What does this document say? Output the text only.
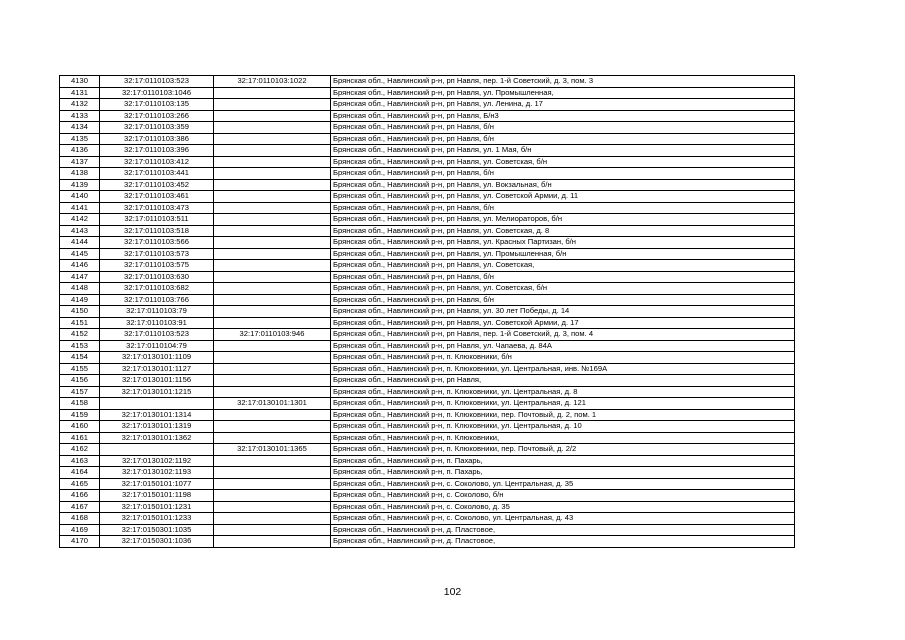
4130	32:17:0110103:523	32:17:0110103:1022	Брянская обл., Навлинский р-н, рп Навля, пер. 1-й Советский, д. 3, пом. 3
4131	32:17:0110103:1046		Брянская обл., Навлинский р-н, рп Навля, ул. Промышленная,
4132	32:17:0110103:135		Брянская обл., Навлинский р-н, рп Навля, ул. Ленина, д. 17
4133	32:17:0110103:266		Брянская обл., Навлинский р-н, рп Навля, Б/н3
4134	32:17:0110103:359		Брянская обл., Навлинский р-н, рп Навля, б/н
4135	32:17:0110103:386		Брянская обл., Навлинский р-н, рп Навля, б/н
4136	32:17:0110103:396		Брянская обл., Навлинский р-н, рп Навля, ул. 1 Мая, б/н
4137	32:17:0110103:412		Брянская обл., Навлинский р-н, рп Навля, ул. Советская, б/н
4138	32:17:0110103:441		Брянская обл., Навлинский р-н, рп Навля, б/н
4139	32:17:0110103:452		Брянская обл., Навлинский р-н, рп Навля, ул. Вокзальная, б/н
4140	32:17:0110103:461		Брянская обл., Навлинский р-н, рп Навля, ул. Советской Армии, д. 11
4141	32:17:0110103:473		Брянская обл., Навлинский р-н, рп Навля, б/н
4142	32:17:0110103:511		Брянская обл., Навлинский р-н, рп Навля, ул. Мелиораторов, б/н
4143	32:17:0110103:518		Брянская обл., Навлинский р-н, рп Навля, ул. Советская, д. 8
4144	32:17:0110103:566		Брянская обл., Навлинский р-н, рп Навля, ул. Красных Партизан, б/н
4145	32:17:0110103:573		Брянская обл., Навлинский р-н, рп Навля, ул. Промышленная, б/н
4146	32:17:0110103:575		Брянская обл., Навлинский р-н, рп Навля, ул. Советская,
4147	32:17:0110103:630		Брянская обл., Навлинский р-н, рп Навля, б/н
4148	32:17:0110103:682		Брянская обл., Навлинский р-н, рп Навля, ул. Советская, б/н
4149	32:17:0110103:766		Брянская обл., Навлинский р-н, рп Навля, б/н
4150	32:17:0110103:79		Брянская обл., Навлинский р-н, рп Навля, ул. 30 лет Победы, д. 14
4151	32:17:0110103:91		Брянская обл., Навлинский р-н, рп Навля, ул. Советской Армии, д. 17
4152	32:17:0110103:523	32:17:0110103:946	Брянская обл., Навлинский р-н, рп Навля, пер. 1-й Советский, д. 3, пом. 4
4153	32:17:0110104:79		Брянская обл., Навлинский р-н, рп Навля, ул. Чапаева, д. 84А
4154	32:17:0130101:1109		Брянская обл., Навлинский р-н, п. Клюковники, б/н
4155	32:17:0130101:1127		Брянская обл., Навлинский р-н, п. Клюковники, ул. Центральная, инв. №169А
4156	32:17:0130101:1156		Брянская обл., Навлинский р-н, рп Навля,
4157	32:17:0130101:1215		Брянская обл., Навлинский р-н, п. Клюковники, ул. Центральная, д. 8
4158		32:17:0130101:1301	Брянская обл., Навлинский р-н, п. Клюковники, ул. Центральная, д. 121
4159	32:17:0130101:1314		Брянская обл., Навлинский р-н, п. Клюковники, пер. Почтовый, д. 2, пом. 1
4160	32:17:0130101:1319		Брянская обл., Навлинский р-н, п. Клюковники, ул. Центральная, д. 10
4161	32:17:0130101:1362		Брянская обл., Навлинский р-н, п. Клюковники,
4162		32:17:0130101:1365	Брянская обл., Навлинский р-н, п. Клюковники, пер. Почтовый, д. 2/2
4163	32:17:0130102:1192		Брянская обл., Навлинский р-н, п. Пахарь,
4164	32:17:0130102:1193		Брянская обл., Навлинский р-н, п. Пахарь,
4165	32:17:0150101:1077		Брянская обл., Навлинский р-н, с. Соколово, ул. Центральная, д. 35
4166	32:17:0150101:1198		Брянская обл., Навлинский р-н, с. Соколово, б/н
4167	32:17:0150101:1231		Брянская обл., Навлинский р-н, с. Соколово, д. 35
4168	32:17:0150101:1233		Брянская обл., Навлинский р-н, с. Соколово, ул. Центральная, д. 43
4169	32:17:0150301:1035		Брянская обл., Навлинский р-н, д. Пластовое,
4170	32:17:0150301:1036		Брянская обл., Навлинский р-н, д. Пластовое,
102
